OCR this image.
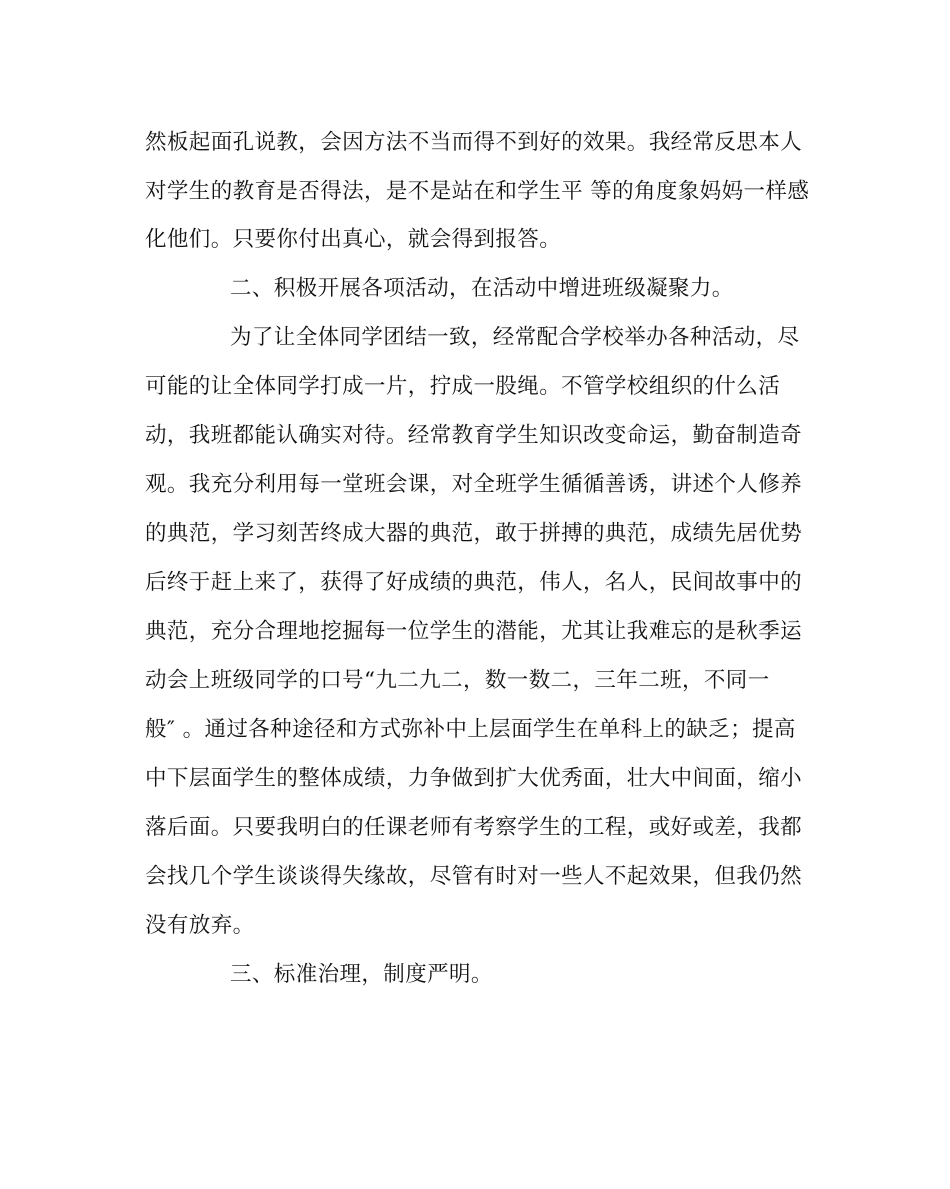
然板起面孔说教，会因方法不当而得不到好的效果。我经常反思本人
对学生的教育是否得法，是不是站在和学生平 等的角度象妈妈一样感
化他们。只要你付出真心，就会得到报答。
二、积极开展各项活动，在活动中增进班级凝聚力。
为了让全体同学团结一致，经常配合学校举办各种活动，尽
可能的让全体同学打成一片，拧成一股绳。不管学校组织的什么活
动，我班都能认确实对待。经常教育学生知识改变命运，勤奋制造奇
观。我充分利用每一堂班会课，对全班学生循循善诱，讲述个人修养
的典范，学习刻苦终成大器的典范，敢于拼搏的典范，成绩先居优势
后终于赶上来了，获得了好成绩的典范，伟人，名人，民间故事中的
典范，充分合理地挖掘每一位学生的潜能，尤其让我难忘的是秋季运
动会上班级同学的口号“九二九二，数一数二，三年二班，不同一
般″ 。通过各种途径和方式弥补中上层面学生在单科上的缺乏；提高
中下层面学生的整体成绩，力争做到扩大优秀面，壮大中间面，缩小
落后面。只要我明白的任课老师有考察学生的工程，或好或差，我都
会找几个学生谈谈得失缘故，尽管有时对一些人不起效果，但我仍然
没有放弃。
三、标准治理，制度严明。
